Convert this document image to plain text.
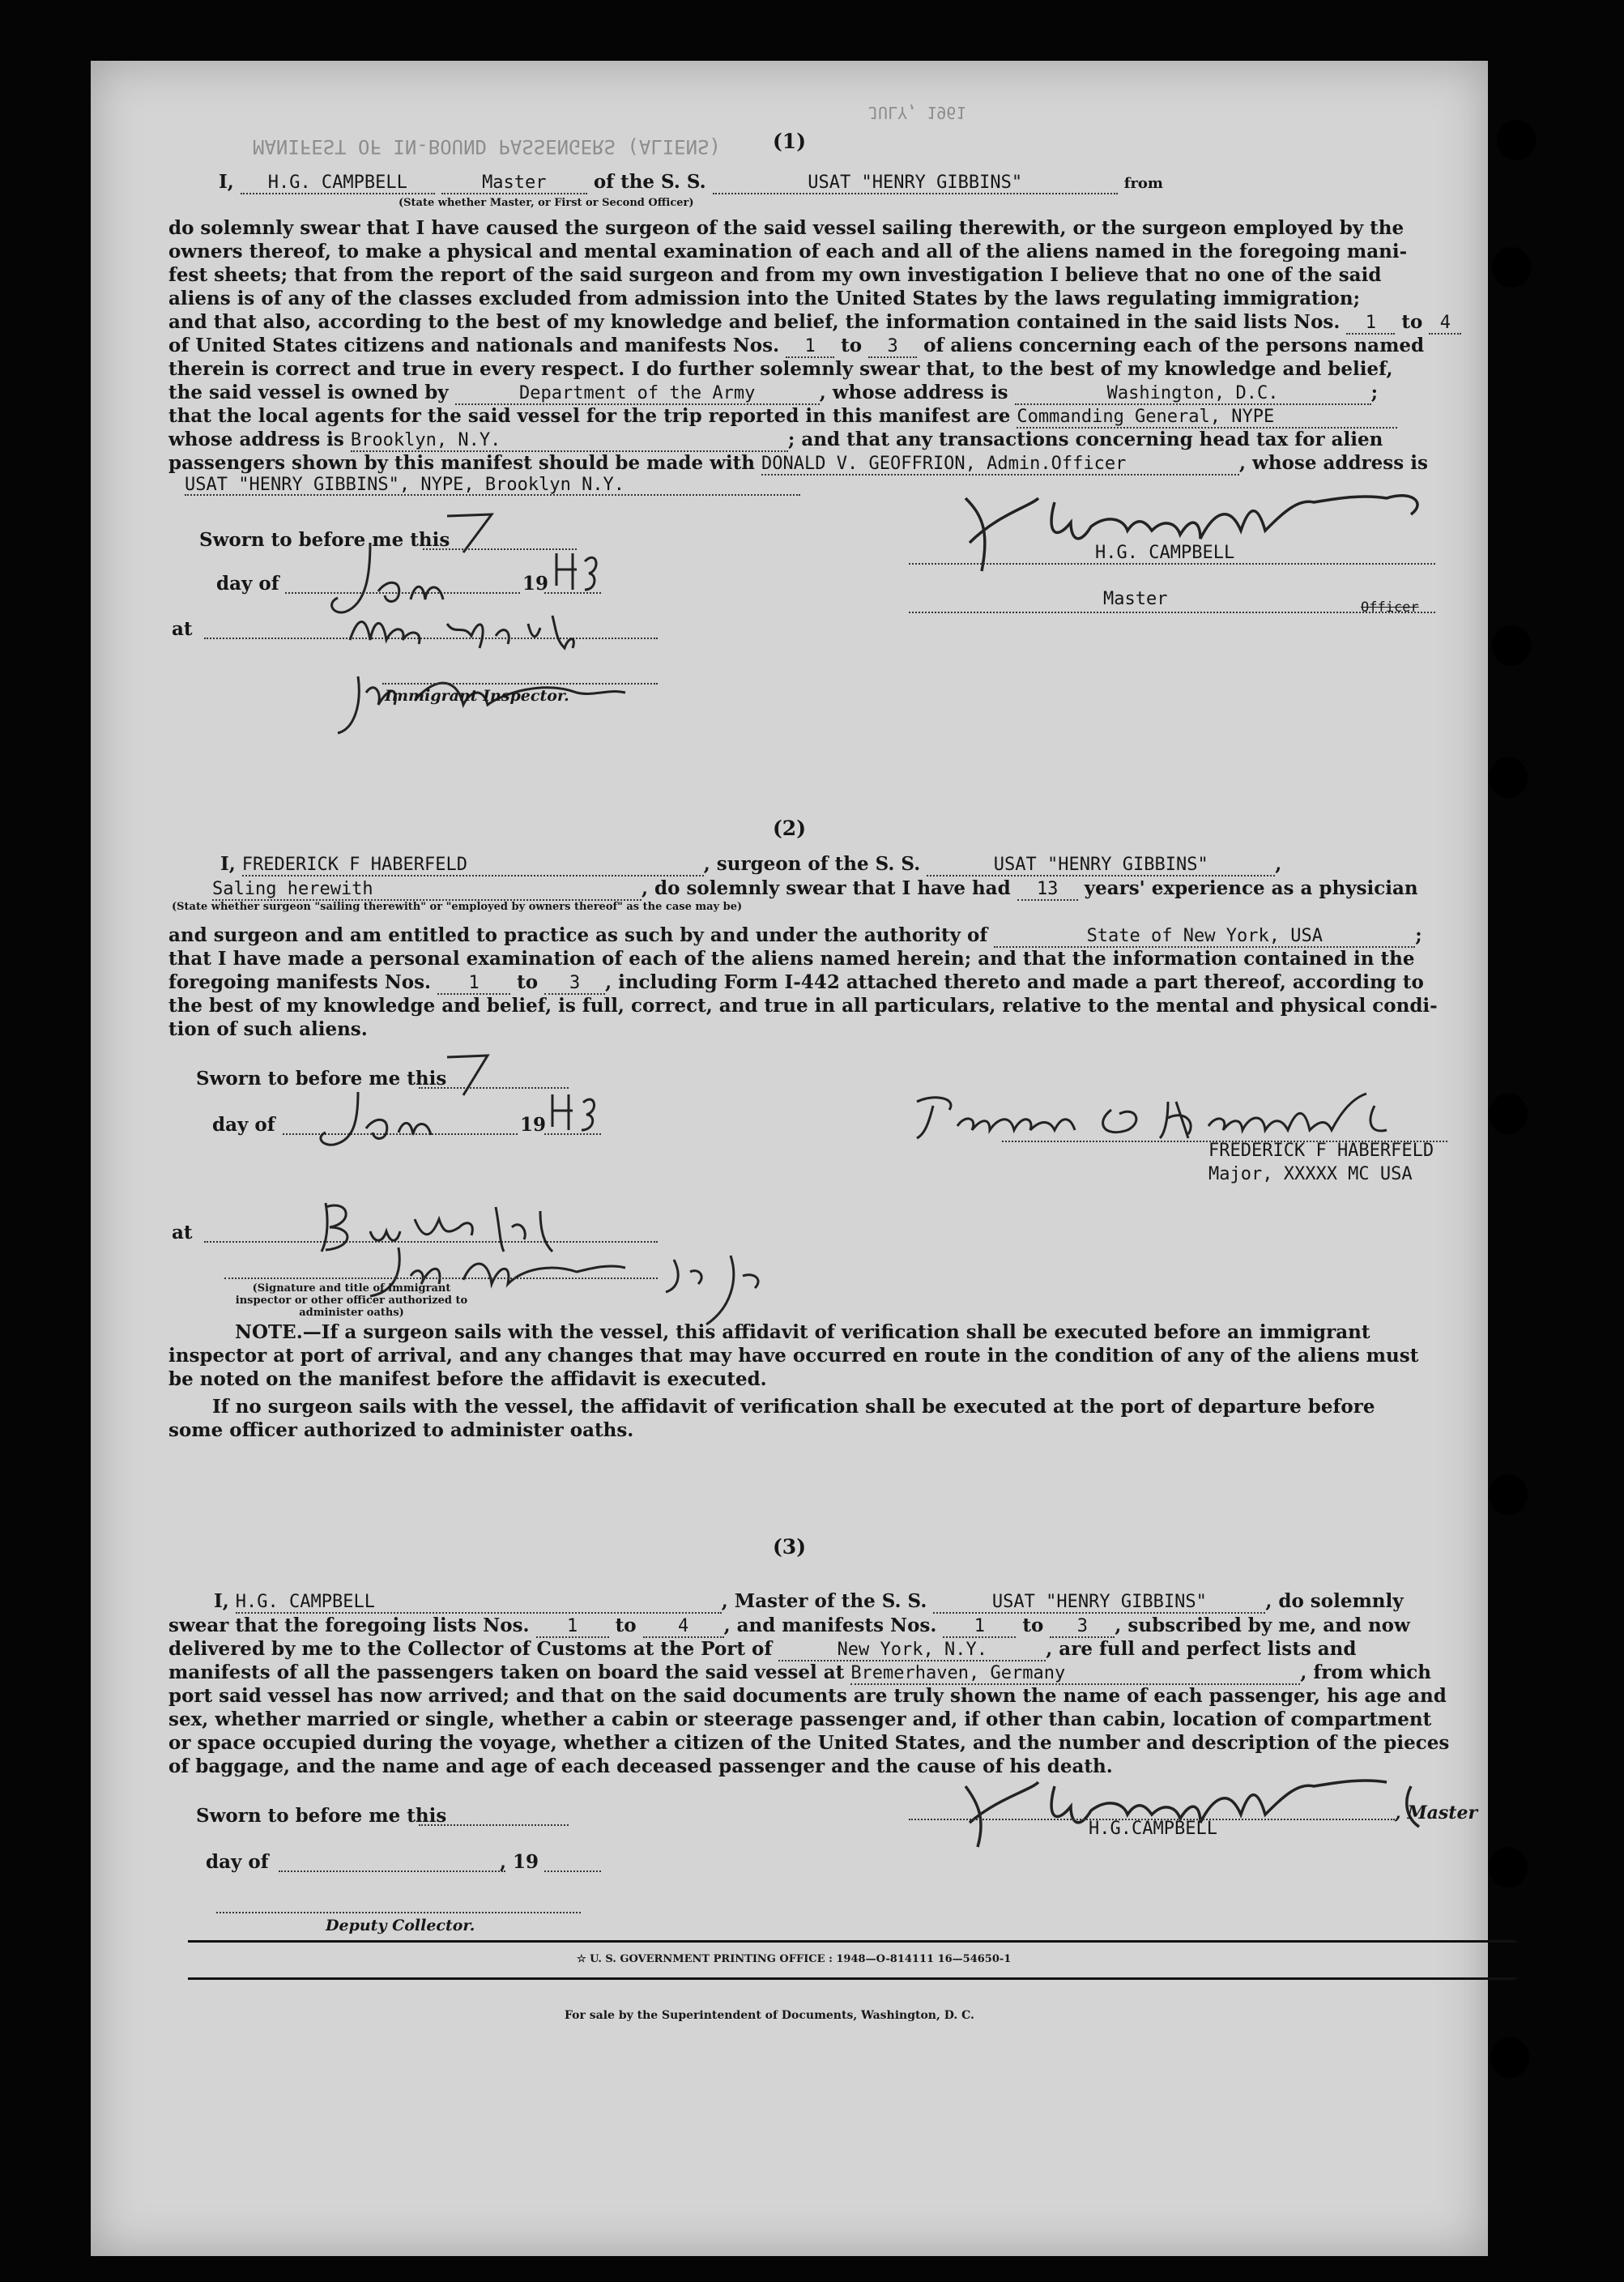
JULY, 1961
MANIFEST OF IN-BOUND PASSENGERS (ALIENS)	(1)
I, H.G. CAMPBELL	Master	of the S. S.	USAT "HENRY GIBBINS"	from
(State whether Master, or First or Second Officer)
do solemnly swear that I have caused the surgeon of the said vessel sailing therewith, or the surgeon employed by the
owners thereof, to make a physical and mental examination of each and all of the aliens named in the foregoing mani-
fest sheets; that from the report of the said surgeon and from my own investigation I believe that no one of the said
aliens is of any of the classes excluded from admission into the United States by the laws regulating immigration;
and that also, according to the best of my knowledge and belief, the information contained in the said lists Nos. 1 to 4
of United States citizens and nationals and manifests Nos. 1 to 3 of aliens concerning each of the persons named
therein is correct and true in every respect. I do further solemnly swear that, to the best of my knowledge and belief,
the said vessel is owned by	Department of the Army	, whose address is	Washington, D.C.	;
that the local agents for the said vessel for the trip reported in this manifest are Commanding General, NYPE
whose address is Brooklyn, N.Y.	; and that any transactions concerning head tax for alien
passengers shown by this manifest should be made with DONALD V. GEOFFRION, Admin.Officer	, whose address is
USAT "HENRY GIBBINS", NYPE, Brooklyn N.Y.
Sworn to before me this
day of	19
at
Immigrant Inspector.
H.G. CAMPBELL
Master	Officer
(2)
I, FREDERICK F HABERFELD	, surgeon of the S. S.	USAT "HENRY GIBBINS"	,
Saling herewith	, do solemnly swear that I have had 13 years' experience as a physician
(State whether surgeon "sailing therewith" or "employed by owners thereof" as the case may be)
and surgeon and am entitled to practice as such by and under the authority of	State of New York, USA	;
that I have made a personal examination of each of the aliens named herein; and that the information contained in the
foregoing manifests Nos. 1 to 3 , including Form I-442 attached thereto and made a part thereof, according to
the best of my knowledge and belief, is full, correct, and true in all particulars, relative to the mental and physical condi-
tion of such aliens.
Sworn to before me this
day of	19
at
(Signature and title of immigrant inspector or other officer authorized to administer oaths)
FREDERICK F HABERFELD
Major, XXXXX MC USA
NOTE.—If a surgeon sails with the vessel, this affidavit of verification shall be executed before an immigrant
inspector at port of arrival, and any changes that may have occurred en route in the condition of any of the aliens must
be noted on the manifest before the affidavit is executed.
If no surgeon sails with the vessel, the affidavit of verification shall be executed at the port of departure before
some officer authorized to administer oaths.
(3)
I, H.G. CAMPBELL	, Master of the S. S.	USAT "HENRY GIBBINS"	, do solemnly
swear that the foregoing lists Nos. 1 to 4 , and manifests Nos. 1 to 3 , subscribed by me, and now
delivered by me to the Collector of Customs at the Port of	New York, N.Y.	, are full and perfect lists and
manifests of all the passengers taken on board the said vessel at Bremerhaven, Germany	, from which
port said vessel has now arrived; and that on the said documents are truly shown the name of each passenger, his age and
sex, whether married or single, whether a cabin or steerage passenger and, if other than cabin, location of compartment
or space occupied during the voyage, whether a citizen of the United States, and the number and description of the pieces
of baggage, and the name and age of each deceased passenger and the cause of his death.
Sworn to before me this
day of	, 19
Deputy Collector.
H.G.CAMPBELL
, Master
☆ U. S. GOVERNMENT PRINTING OFFICE : 1948—O-814111 16—54650-1
For sale by the Superintendent of Documents, Washington, D. C.
